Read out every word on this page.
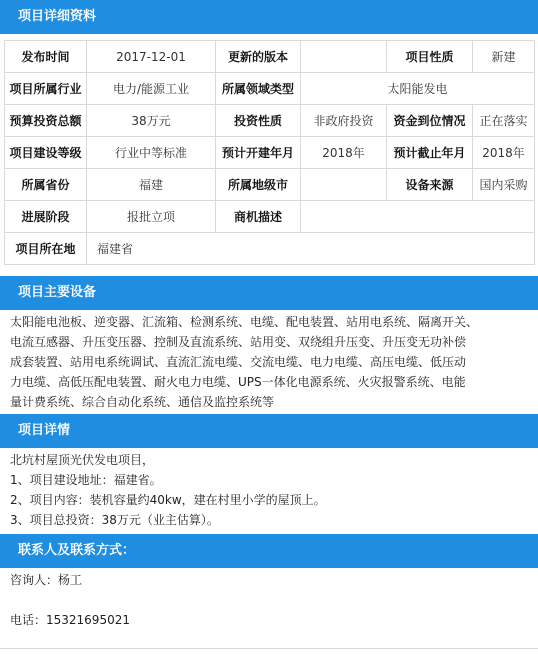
项目详细资料
发布时间	2017-12-01	更新的版本		项目性质	新建
项目所属行业	电力/能源工业	所属领域类型	太阳能发电		
预算投资总额	38万元	投资性质	非政府投资	资金到位情况	正在落实
项目建设等级	行业中等标准	预计开建年月	2018年	预计截止年月	2018年
所属省份	福建	所属地级市		设备来源	国内采购
进展阶段	报批立项	商机描述			
项目所在地	福建省				
项目主要设备
太阳能电池板、逆变器、汇流箱、检测系统、电缆、配电装置、站用电系统、隔离开关、
电流互感器、升压变压器、控制及直流系统、站用变、双绕组升压变、升压变无功补偿
成套装置、站用电系统调试、直流汇流电缆、交流电缆、电力电缆、高压电缆、低压动
力电缆、高低压配电装置、耐火电力电缆、UPS一体化电源系统、火灾报警系统、电能
量计费系统、综合自动化系统、通信及监控系统等
项目详情
北坑村屋顶光伏发电项目，
1、项目建设地址：福建省。
2、项目内容：装机容量约40kw，建在村里小学的屋顶上。
3、项目总投资：38万元（业主估算）。
联系人及联系方式：
咨询人：杨工
电话：15321695021
